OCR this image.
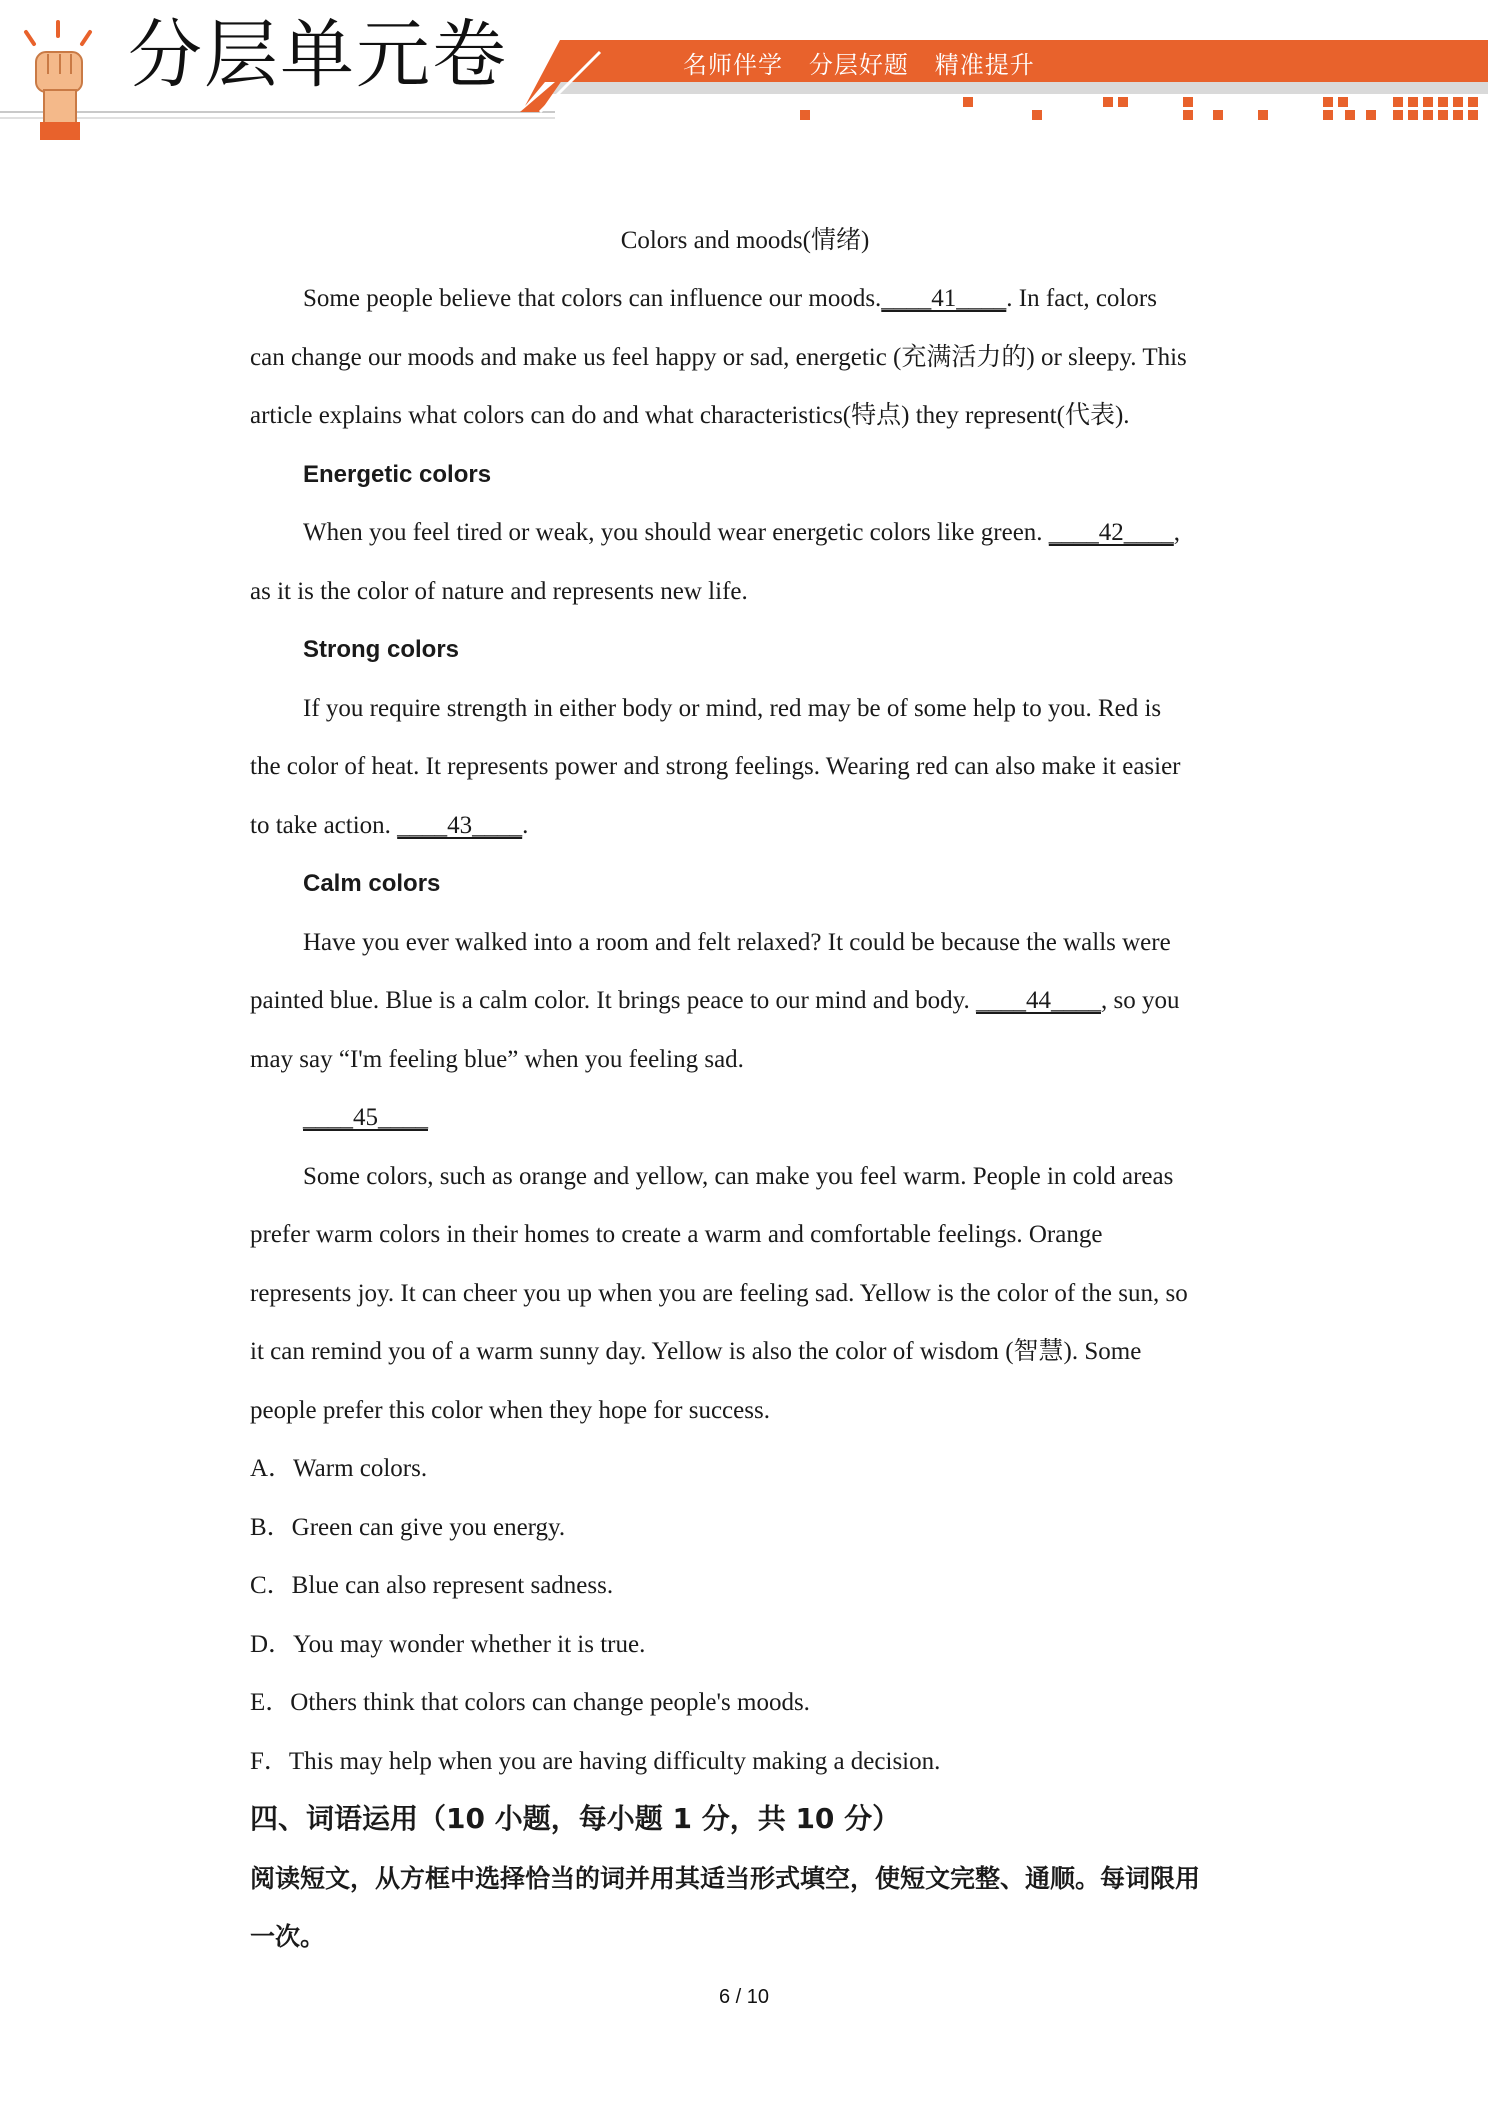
分层单元卷	名师伴学   分层好题   精准提升
Colors and moods(情绪)
Some people believe that colors can influence our moods.____41____. In fact, colors
can change our moods and make us feel happy or sad, energetic (充满活力的) or sleepy. This
article explains what colors can do and what characteristics(特点) they represent(代表).
Energetic colors
When you feel tired or weak, you should wear energetic colors like green. ____42____,
as it is the color of nature and represents new life.
Strong colors
If you require strength in either body or mind, red may be of some help to you. Red is
the color of heat. It represents power and strong feelings. Wearing red can also make it easier
to take action. ____43____.
Calm colors
Have you ever walked into a room and felt relaxed? It could be because the walls were
painted blue. Blue is a calm color. It brings peace to our mind and body. ____44____, so you
may say “I'm feeling blue” when you feeling sad.
____45____
Some colors, such as orange and yellow, can make you feel warm. People in cold areas
prefer warm colors in their homes to create a warm and comfortable feelings. Orange
represents joy. It can cheer you up when you are feeling sad. Yellow is the color of the sun, so
it can remind you of a warm sunny day. Yellow is also the color of wisdom (智慧). Some
people prefer this color when they hope for success.
A．Warm colors.
B．Green can give you energy.
C．Blue can also represent sadness.
D．You may wonder whether it is true.
E．Others think that colors can change people's moods.
F．This may help when you are having difficulty making a decision.
四、词语运用（10 小题，每小题 1 分，共 10 分）
阅读短文，从方框中选择恰当的词并用其适当形式填空，使短文完整、通顺。每词限用
一次。
6 / 10
